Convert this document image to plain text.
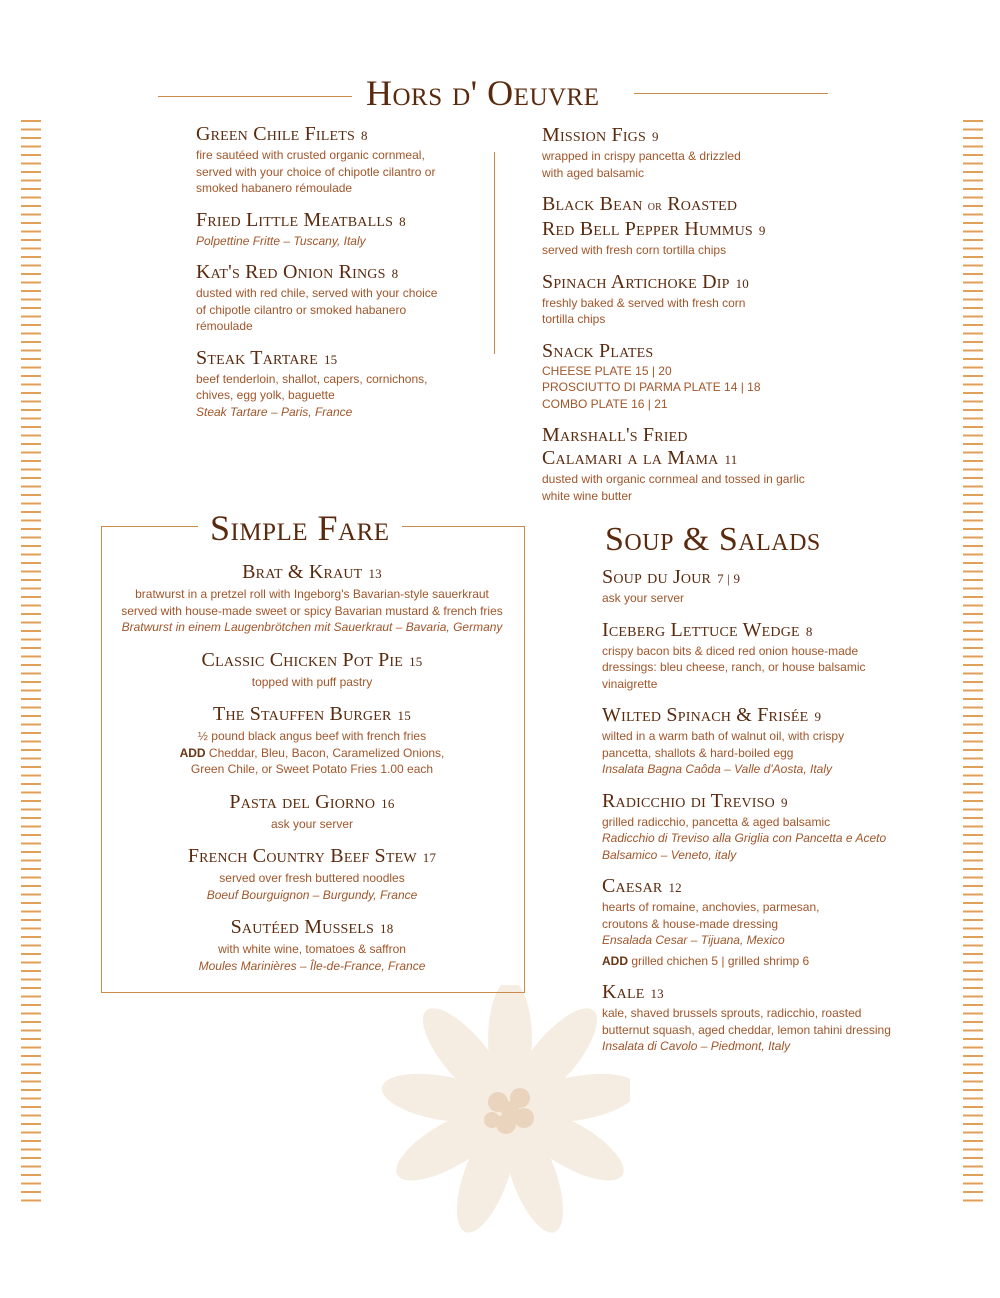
Hors d' Oeuvre
Green Chile Filets 8
fire sautéed with crusted organic cornmeal,
served with your choice of chipotle cilantro or
smoked habanero rémoulade
Fried Little Meatballs 8
Polpettine Fritte – Tuscany, Italy
Kat's Red Onion Rings 8
dusted with red chile, served with your choice
of chipotle cilantro or smoked habanero
rémoulade
Steak Tartare 15
beef tenderloin, shallot, capers, cornichons,
chives, egg yolk, baguette
Steak Tartare – Paris, France
Mission Figs 9
wrapped in crispy pancetta & drizzled
with aged balsamic
Black Bean or Roasted
Red Bell Pepper Hummus 9
served with fresh corn tortilla chips
Spinach Artichoke Dip 10
freshly baked & served with fresh corn
tortilla chips
Snack Plates
CHEESE PLATE 15 | 20
PROSCIUTTO DI PARMA PLATE 14 | 18
COMBO PLATE 16 | 21
Marshall's Fried
Calamari a la Mama 11
dusted with organic cornmeal and tossed in garlic
white wine butter
Simple Fare
Brat & Kraut 13
bratwurst in a pretzel roll with Ingeborg's Bavarian-style sauerkraut
served with house-made sweet or spicy Bavarian mustard & french fries
Bratwurst in einem Laugenbrötchen mit Sauerkraut – Bavaria, Germany
Classic Chicken Pot Pie 15
topped with puff pastry
The Stauffen Burger 15
½ pound black angus beef with french fries
ADD Cheddar, Bleu, Bacon, Caramelized Onions,
Green Chile, or Sweet Potato Fries 1.00 each
Pasta del Giorno 16
ask your server
French Country Beef Stew 17
served over fresh buttered noodles
Boeuf Bourguignon – Burgundy, France
Sautéed Mussels 18
with white wine, tomatoes & saffron
Moules Marinières – Île-de-France, France
Soup & Salads
Soup du Jour 7 | 9
ask your server
Iceberg Lettuce Wedge 8
crispy bacon bits & diced red onion house-made
dressings: bleu cheese, ranch, or house balsamic
vinaigrette
Wilted Spinach & Frisée 9
wilted in a warm bath of walnut oil, with crispy
pancetta, shallots & hard-boiled egg
Insalata Bagna Caôda – Valle d'Aosta, Italy
Radicchio di Treviso 9
grilled radicchio, pancetta & aged balsamic
Radicchio di Treviso alla Griglia con Pancetta e Aceto
Balsamico – Veneto, italy
Caesar 12
hearts of romaine, anchovies, parmesan,
croutons & house-made dressing
Ensalada Cesar – Tijuana, Mexico
ADD grilled chichen 5 | grilled shrimp 6
Kale 13
kale, shaved brussels sprouts, radicchio, roasted
butternut squash, aged cheddar, lemon tahini dressing
Insalata di Cavolo – Piedmont, Italy
